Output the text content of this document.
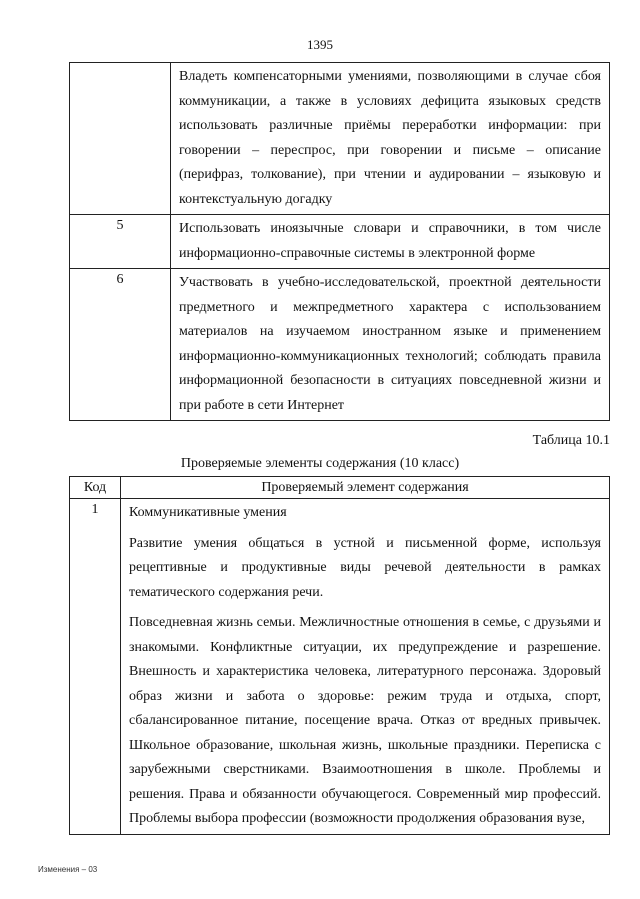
1395
	Владеть компенсаторными умениями, позволяющими в случае сбоя коммуникации, а также в условиях дефицита языковых средств использовать различные приёмы переработки информации: при говорении – переспрос, при говорении и письме – описание (перифраз, толкование), при чтении и аудировании – языковую и контекстуальную догадку
5	Использовать иноязычные словари и справочники, в том числе информационно-справочные системы в электронной форме
6	Участвовать в учебно-исследовательской, проектной деятельности предметного и межпредметного характера с использованием материалов на изучаемом иностранном языке и применением информационно-коммуникационных технологий; соблюдать правила информационной безопасности в ситуациях повседневной жизни и при работе в сети Интернет
Таблица 10.1
Проверяемые элементы содержания (10 класс)
Код	Проверяемый элемент содержания
1	Коммуникативные умения

Развитие умения общаться в устной и письменной форме, используя рецептивные и продуктивные виды речевой деятельности в рамках тематического содержания речи.

Повседневная жизнь семьи. Межличностные отношения в семье, с друзьями и знакомыми. Конфликтные ситуации, их предупреждение и разрешение. Внешность и характеристика человека, литературного персонажа. Здоровый образ жизни и забота о здоровье: режим труда и отдыха, спорт, сбалансированное питание, посещение врача. Отказ от вредных привычек. Школьное образование, школьная жизнь, школьные праздники. Переписка с зарубежными сверстниками. Взаимоотношения в школе. Проблемы и решения. Права и обязанности обучающегося. Современный мир профессий. Проблемы выбора профессии (возможности продолжения образования вузе,

Изменения – 03
